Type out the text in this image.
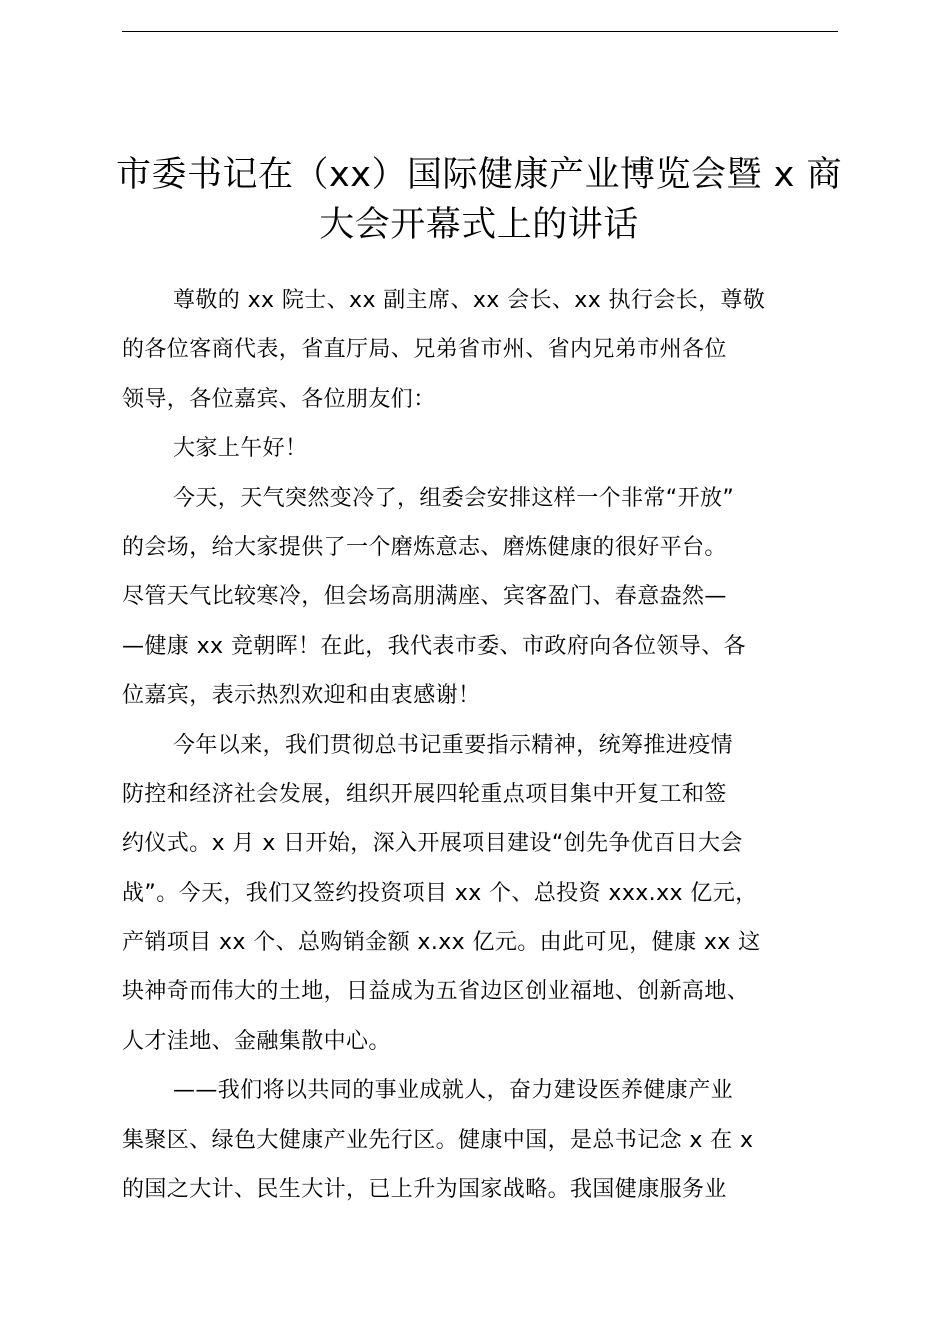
市委书记在（xx）国际健康产业博览会暨 x 商
大会开幕式上的讲话
尊敬的 xx 院士、xx 副主席、xx 会长、xx 执行会长，尊敬
的各位客商代表，省直厅局、兄弟省市州、省内兄弟市州各位
领导，各位嘉宾、各位朋友们：
大家上午好！
今天，天气突然变冷了，组委会安排这样一个非常“开放”
的会场，给大家提供了一个磨炼意志、磨炼健康的很好平台。
尽管天气比较寒冷，但会场高朋满座、宾客盈门、春意盎然—
—健康 xx 竞朝晖！在此，我代表市委、市政府向各位领导、各
位嘉宾，表示热烈欢迎和由衷感谢！
今年以来，我们贯彻总书记重要指示精神，统筹推进疫情
防控和经济社会发展，组织开展四轮重点项目集中开复工和签
约仪式。x 月 x 日开始，深入开展项目建设“创先争优百日大会
战”。今天，我们又签约投资项目 xx 个、总投资 xxx.xx 亿元，
产销项目 xx 个、总购销金额 x.xx 亿元。由此可见，健康 xx 这
块神奇而伟大的土地，日益成为五省边区创业福地、创新高地、
人才洼地、金融集散中心。
——我们将以共同的事业成就人，奋力建设医养健康产业
集聚区、绿色大健康产业先行区。健康中国，是总书记念 x 在 x
的国之大计、民生大计，已上升为国家战略。我国健康服务业
